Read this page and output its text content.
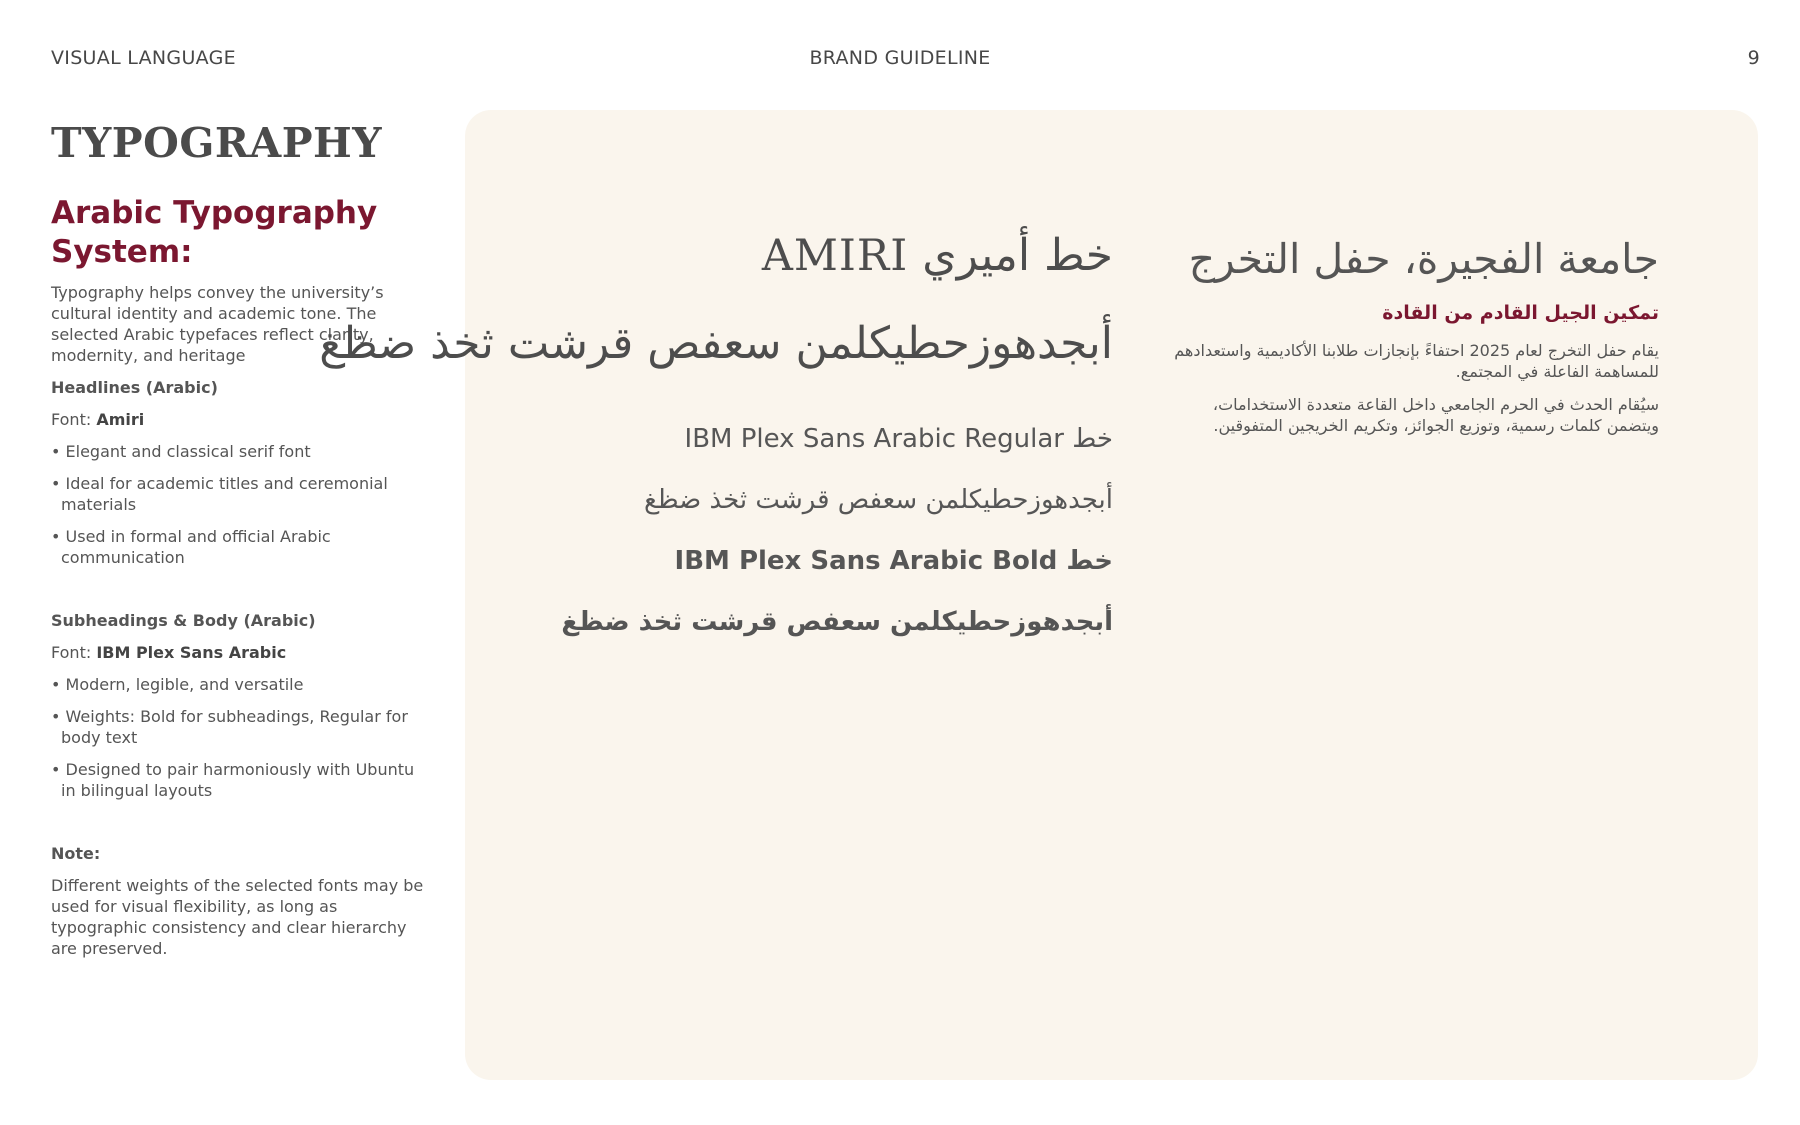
VISUAL LANGUAGE	BRAND GUIDELINE	9
TYPOGRAPHY
Arabic Typography System:
Typography helps convey the university’s cultural identity and academic tone. The selected Arabic typefaces reflect clarity, modernity, and heritage
Headlines (Arabic)
Font: Amiri
• Elegant and classical serif font
• Ideal for academic titles and ceremonial materials
• Used in formal and official Arabic communication
Subheadings & Body (Arabic)
Font: IBM Plex Sans Arabic
• Modern, legible, and versatile
• Weights: Bold for subheadings, Regular for body text
• Designed to pair harmoniously with Ubuntu in bilingual layouts
Note:
Different weights of the selected fonts may be used for visual flexibility, as long as typographic consistency and clear hierarchy are preserved.
خط أميري AMIRI
أبجدهوزحطيكلمن سعفص قرشت ثخذ ضظغ
خط IBM Plex Sans Arabic Regular
أبجدهوزحطيكلمن سعفص قرشت ثخذ ضظغ
خط IBM Plex Sans Arabic Bold
أبجدهوزحطيكلمن سعفص قرشت ثخذ ضظغ
جامعة الفجيرة، حفل التخرج
تمكين الجيل القادم من القادة
يقام حفل التخرج لعام 2025 احتفاءً بإنجازات طلابنا الأكاديمية واستعدادهم للمساهمة الفاعلة في المجتمع.
سيُقام الحدث في الحرم الجامعي داخل القاعة متعددة الاستخدامات، ويتضمن كلمات رسمية، وتوزيع الجوائز، وتكريم الخريجين المتفوقين.
